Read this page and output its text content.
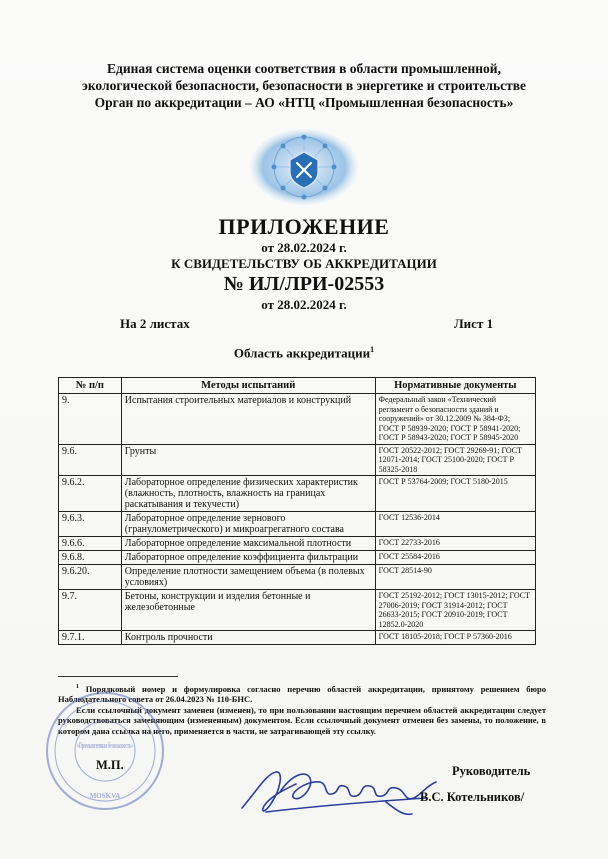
Единая система оценки соответствия в области промышленной,
экологической безопасности, безопасности в энергетике и строительстве
Орган по аккредитации – АО «НТЦ «Промышленная безопасность»
ПРИЛОЖЕНИЕ
от 28.02.2024 г.
К СВИДЕТЕЛЬСТВУ ОБ АККРЕДИТАЦИИ
№ ИЛ/ЛРИ-02553
от 28.02.2024 г.
На 2 листах	Лист 1
Область аккредитации$^1$
№ п/п	Методы испытаний	Нормативные документы
9.	Испытания строительных материалов и конструкций	Федеральный закон «Технический регламент о безопасности зданий и сооружений» от 30.12.2009 № 384-ФЗ; ГОСТ Р 58939-2020; ГОСТ Р 58941-2020; ГОСТ Р 58943-2020; ГОСТ Р 58945-2020
9.6.	Грунты	ГОСТ 20522-2012; ГОСТ 29269-91; ГОСТ 12071-2014; ГОСТ 25100-2020; ГОСТ Р 58325-2018
9.6.2.	Лабораторное определение физических характеристик (влажность, плотность, влажность на границах раскатывания и текучести)	ГОСТ Р 53764-2009; ГОСТ 5180-2015
9.6.3.	Лабораторное определение зернового (гранулометрического) и микроагрегатного состава	ГОСТ 12536-2014
9.6.6.	Лабораторное определение максимальной плотности	ГОСТ 22733-2016
9.6.8.	Лабораторное определение коэффициента фильтрации	ГОСТ 25584-2016
9.6.20.	Определение плотности замещением объема (в полевых условиях)	ГОСТ 28514-90
9.7.	Бетоны, конструкции и изделия бетонные и железобетонные	ГОСТ 25192-2012; ГОСТ 13015-2012; ГОСТ 27006-2019; ГОСТ 31914-2012; ГОСТ 26633-2015; ГОСТ 20910-2019; ГОСТ 12852.0-2020
9.7.1.	Контроль прочности	ГОСТ 18105-2018; ГОСТ Р 57360-2016

$^1$ Порядковый номер и формулировка согласно перечню областей аккредитации, принятому решением бюро Наблюдательного совета от 26.04.2023 № 110-БНС.

Если ссылочный документ заменен (изменен), то при пользовании настоящим перечнем областей аккредитации следует руководствоваться заменяющим (измененным) документом. Если ссылочный документ отменен без замены, то положение, в котором дана ссылка на него, применяется в части, не затрагивающей эту ссылку.

«Промышленная безопасность»
MOSKVA
М.П.	Руководитель
В.С. Котельников/
